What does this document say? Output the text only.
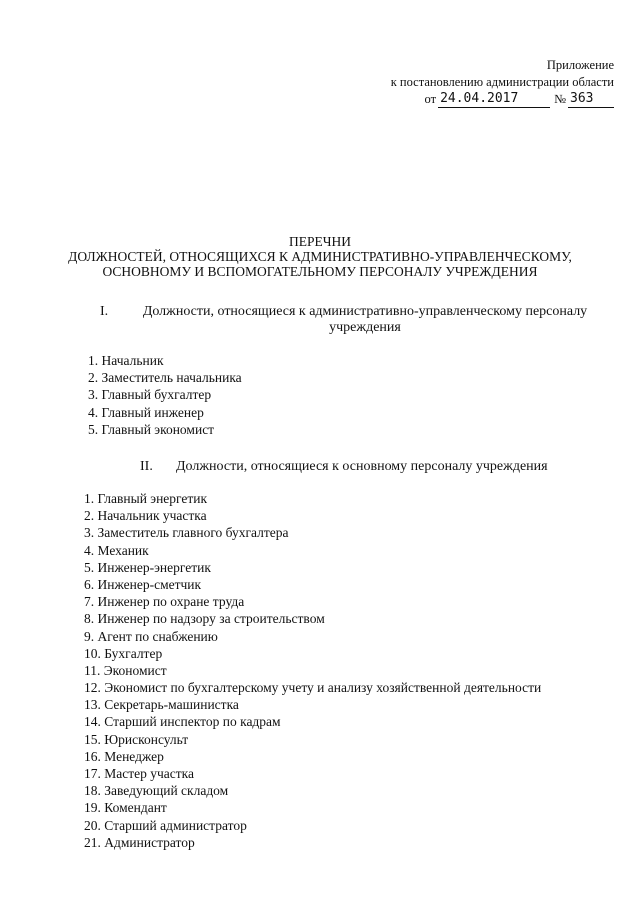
Приложение
к постановлению администрации области
от 24.04.2017	№ 363
ПЕРЕЧНИ
ДОЛЖНОСТЕЙ, ОТНОСЯЩИХСЯ К АДМИНИСТРАТИВНО-УПРАВЛЕНЧЕСКОМУ,
ОСНОВНОМУ И ВСПОМОГАТЕЛЬНОМУ ПЕРСОНАЛУ УЧРЕЖДЕНИЯ
I.	Должности, относящиеся к административно-управленческому персоналу
учреждения
1. Начальник
2. Заместитель начальника
3. Главный бухгалтер
4. Главный инженер
5. Главный экономист
II. Должности, относящиеся к основному персоналу учреждения
1. Главный энергетик
2. Начальник участка
3. Заместитель главного бухгалтера
4. Механик
5. Инженер-энергетик
6. Инженер-сметчик
7. Инженер по охране труда
8. Инженер по надзору за строительством
9. Агент по снабжению
10. Бухгалтер
11. Экономист
12. Экономист по бухгалтерскому учету и анализу хозяйственной деятельности
13. Секретарь-машинистка
14. Старший инспектор по кадрам
15. Юрисконсульт
16. Менеджер
17. Мастер участка
18. Заведующий складом
19. Комендант
20. Старший администратор
21. Администратор
